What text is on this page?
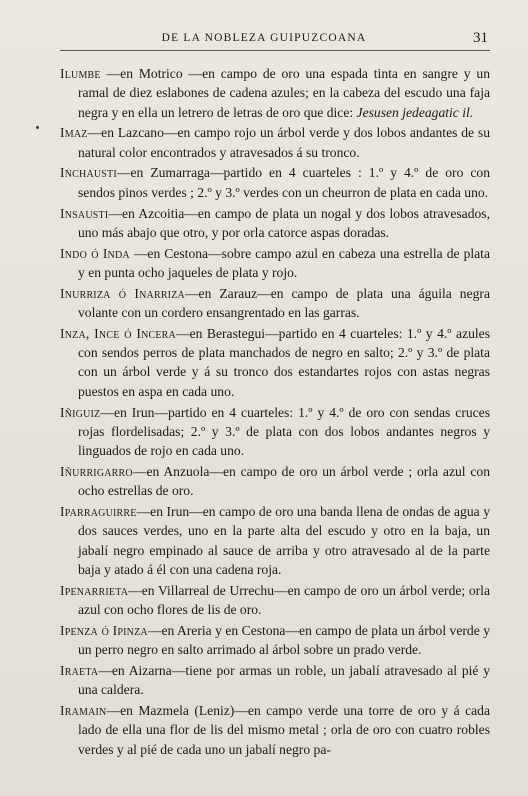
DE LA NOBLEZA GUIPUZCOANA	31

Ilumbe —en Motrico —en campo de oro una espada tinta en sangre y un ramal de diez eslabones de cadena azules; en la cabeza del escudo una faja negra y en ella un letrero de letras de oro que dice: Jesusen jedeagatic il.

Imaz—en Lazcano—en campo rojo un árbol verde y dos lobos andantes de su natural color encontrados y atravesados á su tronco.

Inchausti—en Zumarraga—partido en 4 cuarteles : 1.º y 4.º de oro con sendos pinos verdes ; 2.º y 3.º verdes con un cheurron de plata en cada uno.

Insausti—en Azcoitia—en campo de plata un nogal y dos lobos atravesados, uno más abajo que otro, y por orla catorce aspas doradas.

Indo ó Inda —en Cestona—sobre campo azul en cabeza una estrella de plata y en punta ocho jaqueles de plata y rojo.

Inurriza ó Inarriza—en Zarauz—en campo de plata una águila negra volante con un cordero ensangrentado en las garras.

Inza, Ince ó Incera—en Berastegui—partido en 4 cuarteles: 1.º y 4.º azules con sendos perros de plata manchados de negro en salto; 2.º y 3.º de plata con un árbol verde y á su tronco dos estandartes rojos con astas negras puestos en aspa en cada uno.

Iñiguiz—en Irun—partido en 4 cuarteles: 1.º y 4.º de oro con sendas cruces rojas flordelisadas; 2.º y 3.º de plata con dos lobos andantes negros y linguados de rojo en cada uno.

Iñurrigarro—en Anzuola—en campo de oro un árbol verde ; orla azul con ocho estrellas de oro.

Iparraguirre—en Irun—en campo de oro una banda llena de ondas de agua y dos sauces verdes, uno en la parte alta del escudo y otro en la baja, un jabalí negro empinado al sauce de arriba y otro atravesado al de la parte baja y atado á él con una cadena roja.

Ipenarrieta—en Villarreal de Urrechu—en campo de oro un árbol verde; orla azul con ocho flores de lis de oro.

Ipenza ó Ipinza—en Areria y en Cestona—en campo de plata un árbol verde y un perro negro en salto arrimado al árbol sobre un prado verde.

Iraeta—en Aizarna—tiene por armas un roble, un jabalí atravesado al pié y una caldera.

Iramain—en Mazmela (Leniz)—en campo verde una torre de oro y á cada lado de ella una flor de lis del mismo metal ; orla de oro con cuatro robles verdes y al pié de cada uno un jabalí negro pa-
